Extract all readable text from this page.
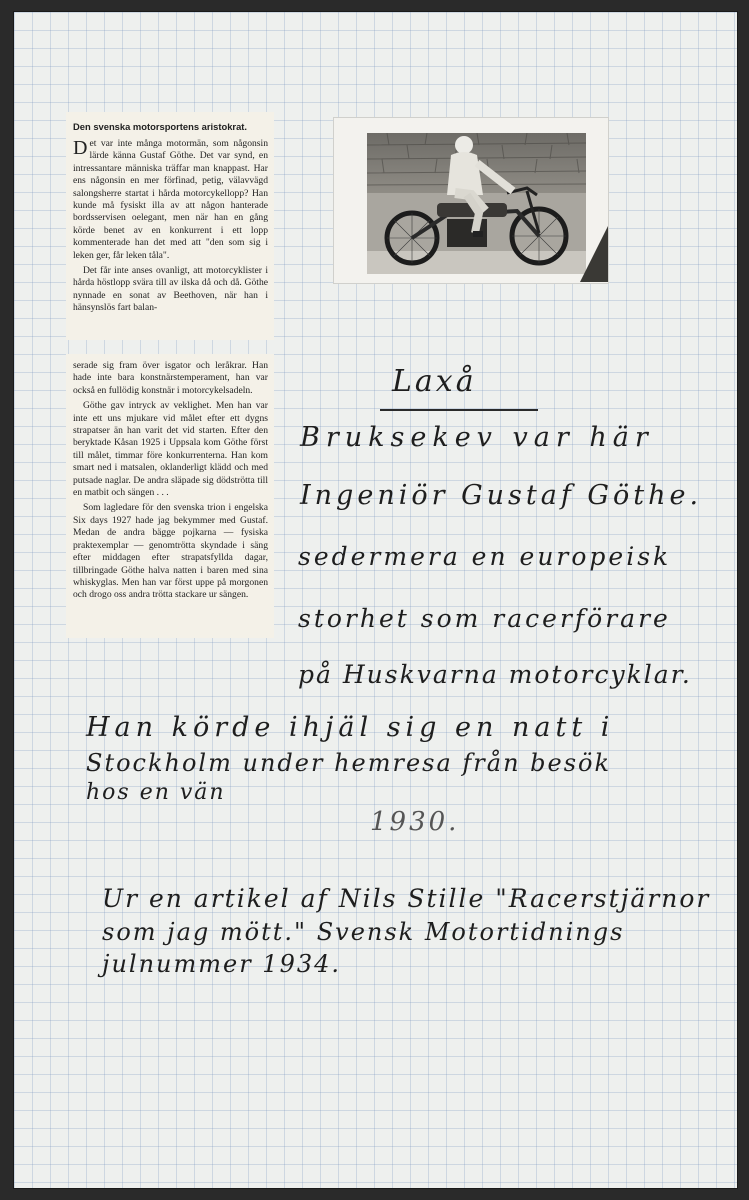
Den svenska motorsportens aristokrat.

Det var inte många motormän, som någonsin lärde känna Gustaf Göthe. Det var synd, en intressantare människa träffar man knappast. Har ens någonsin en mer förfinad, petig, välavvägd salongsherre startat i hårda motorcykellopp? Han kunde må fysiskt illa av att någon hanterade bordsservisen oelegant, men när han en gång körde benet av en konkurrent i ett lopp kommenterade han det med att "den som sig i leken ger, får leken tåla".

Det får inte anses ovanligt, att motorcyklister i hårda höstlopp svära till av ilska då och då. Göthe nynnade en sonat av Beethoven, när han i hänsynslös fart balan-

serade sig fram över isgator och leråkrar. Han hade inte bara konstnärstemperament, han var också en fullödig konstnär i motorcykelsadeln.

Göthe gav intryck av veklighet. Men han var inte ett uns mjukare vid målet efter ett dygns strapatser än han varit det vid starten. Efter den beryktade Kåsan 1925 i Uppsala kom Göthe först till målet, timmar före konkurrenterna. Han kom smart ned i matsalen, oklanderligt klädd och med putsade naglar. De andra släpade sig dödströtta till en matbit och sängen . . .

Som lagledare för den svenska trion i engelska Six days 1927 hade jag bekymmer med Gustaf. Medan de andra bägge pojkarna — fysiska praktexemplar — genomtrötta skyndade i säng efter middagen efter strapatsfyllda dagar, tillbringade Göthe halva natten i baren med sina whiskyglas. Men han var först uppe på morgonen och drogo oss andra trötta stackare ur sängen.

Laxå
Bruksekev var här
Ingeniör Gustaf Göthe.
sedermera en europeisk
storhet som racerförare
på Huskvarna motorcyklar.
Han körde ihjäl sig en natt i
Stockholm under hemresa från besök
hos en vän
1930.
Ur en artikel af Nils Stille "Racerstjärnor
som jag mött." Svensk Motortidnings
julnummer 1934.
